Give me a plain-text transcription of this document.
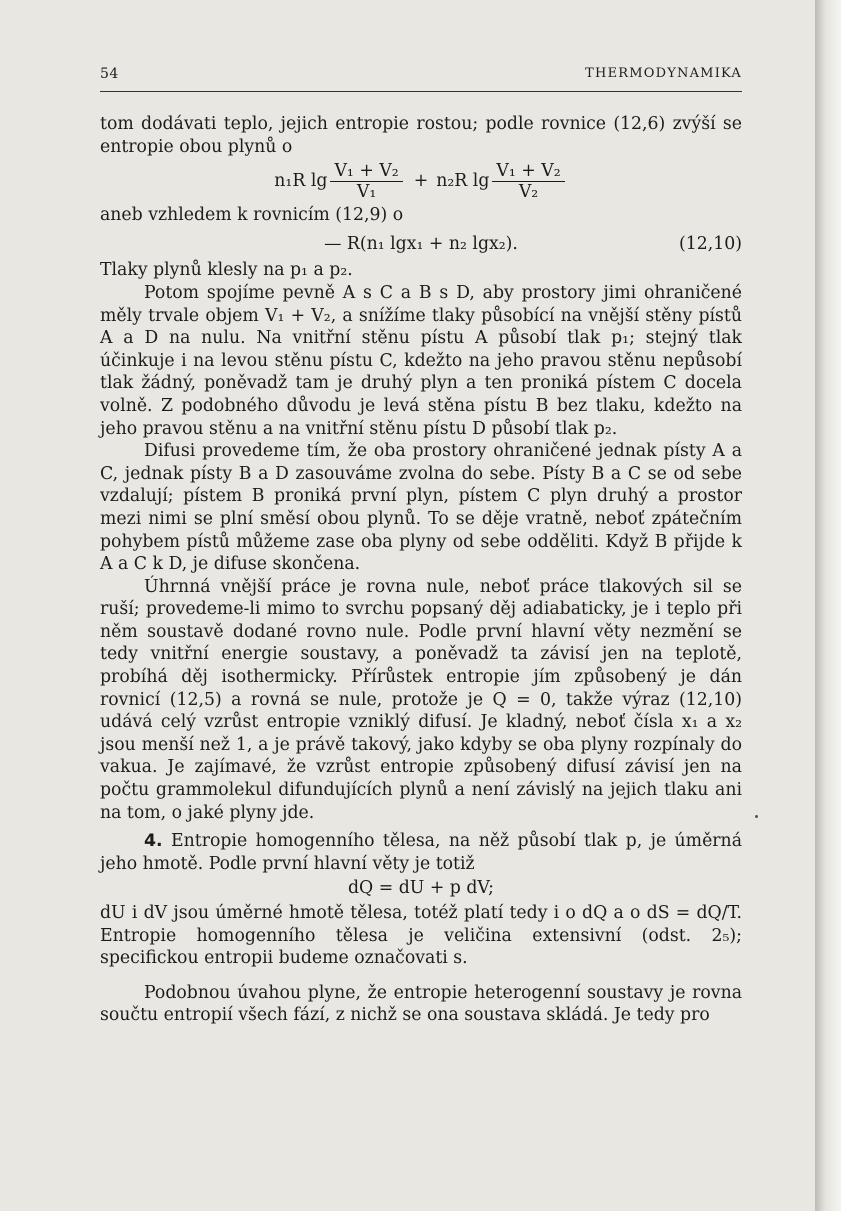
54	THERMODYNAMIKA

tom dodávati teplo, jejich entropie rostou; podle rovnice (12,6) zvýší se entropie obou plynů o

n₁R $\lg \frac{\text{V₁ + V₂}}{\text{V₁}} + n_2R$ $\lg \frac{\text{V₁ + V₂}}{\text{V₂}}$

aneb vzhledem k rovnicím (12,9) o

— R(n₁ lgx₁ + n₂ lgx₂).	(12,10)

Tlaky plynů klesly na p₁ a p₂.

Potom spojíme pevně A s C a B s D, aby prostory jimi ohraničené měly trvale objem V₁ + V₂, a snížíme tlaky působící na vnější stěny pístů A a D na nulu. Na vnitřní stěnu pístu A působí tlak p₁; stejný tlak účinkuje i na levou stěnu pístu C, kdežto na jeho pravou stěnu nepůsobí tlak žádný, poněvadž tam je druhý plyn a ten proniká pístem C docela volně. Z podobného důvodu je levá stěna pístu B bez tlaku, kdežto na jeho pravou stěnu a na vnitřní stěnu pístu D působí tlak p₂.

Difusi provedeme tím, že oba prostory ohraničené jednak písty A a C, jednak písty B a D zasouváme zvolna do sebe. Písty B a C se od sebe vzdalují; pístem B proniká první plyn, pístem C plyn druhý a prostor mezi nimi se plní směsí obou plynů. To se děje vratně, neboť zpátečním pohybem pístů můžeme zase oba plyny od sebe odděliti. Když B přijde k A a C k D, je difuse skončena.

Úhrnná vnější práce je rovna nule, neboť práce tlakových sil se ruší; provedeme-li mimo to svrchu popsaný děj adiabaticky, je i teplo při něm soustavě dodané rovno nule. Podle první hlavní věty nezmění se tedy vnitřní energie soustavy, a poněvadž ta závisí jen na teplotě, probíhá děj isothermicky. Přírůstek entropie jím způsobený je dán rovnicí (12,5) a rovná se nule, protože je Q = 0, takže výraz (12,10) udává celý vzrůst entropie vzniklý difusí. Je kladný, neboť čísla x₁ a x₂ jsou menší než 1, a je právě takový, jako kdyby se oba plyny rozpínaly do vakua. Je zajímavé, že vzrůst entropie způsobený difusí závisí jen na počtu grammolekul difundujících plynů a není závislý na jejich tlaku ani na tom, o jaké plyny jde.

4. Entropie homogenního tělesa, na něž působí tlak p, je úměrná jeho hmotě. Podle první hlavní věty je totiž

dQ = dU + p dV;

dU i dV jsou úměrné hmotě tělesa, totéž platí tedy i o dQ a o dS = dQ/T. Entropie homogenního tělesa je veličina extensivní (odst. 2₅); specifickou entropii budeme označovati s.

Podobnou úvahou plyne, že entropie heterogenní soustavy je rovna součtu entropií všech fází, z nichž se ona soustava skládá. Je tedy pro
